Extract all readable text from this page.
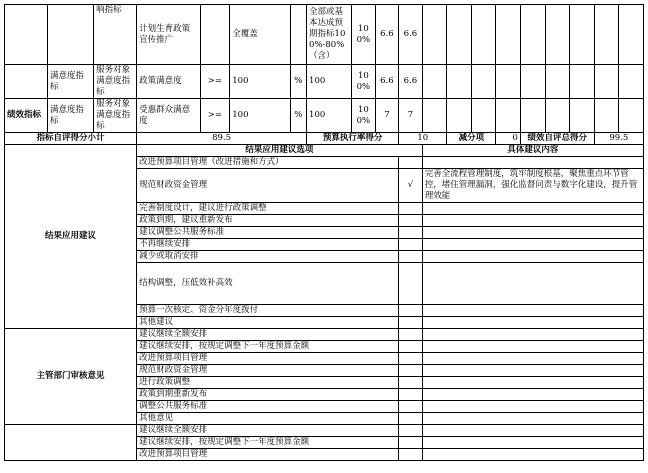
		响指标	计划生育政策宣传推广		全覆盖		全部或基本达成预期指标100%-80%（含）	100%	6.6	6.6									
	满意度指标	服务对象满意度指标	政策满意度	>=	100	%	100	100%	6.6	6.6									
绩效指标	满意度指标	服务对象满意度指标	受惠群众满意度	>=	100	%	100	100%	7	7									
指标自评得分小计			89.5				预算执行率得分			10		减分项		0	绩效自评总得分			99.5	
结果应用建议			结果应用建议选项								具体建议内容								
			改进预算项目管理（改进措施和方式）																
			规范财政资金管理							√	完善全流程管理制度，筑牢制度根基，聚焦重点环节管控，堵住管理漏洞，强化监督问责与数字化建设，提升管理效能								
			完善制度设计，建议进行政策调整																
			政策到期，建议重新发布																
			建议调整公共服务标准																
			不再继续安排																
			减少或取消安排																
			结构调整，压低效补高效																
			预算一次核定、资金分年度拨付																
			其他建议																
主管部门审核意见			建议继续全额安排																
			建议继续安排，按规定调整下一年度预算金额																
			改进预算项目管理																
			规范财政资金管理																
			进行政策调整																
			政策到期重新发布																
			调整公共服务标准																
			其他意见																
			建议继续全额安排																
			建议继续安排，按规定调整下一年度预算金额																
			改进预算项目管理																
